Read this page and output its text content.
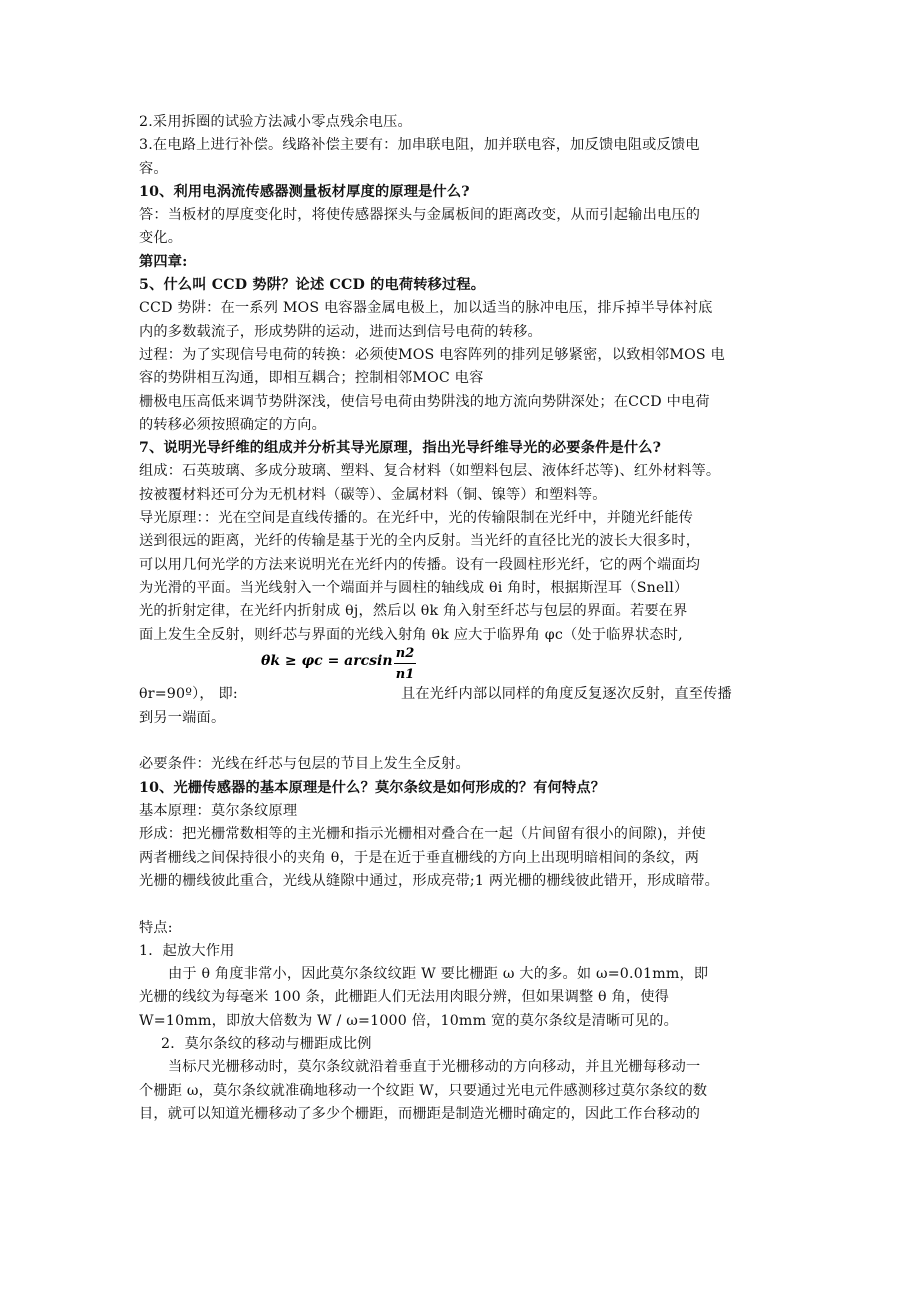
2.采用拆圈的试验方法减小零点残余电压。
3.在电路上进行补偿。线路补偿主要有：加串联电阻，加并联电容，加反馈电阻或反馈电
容。
10、利用电涡流传感器测量板材厚度的原理是什么?
答：当板材的厚度变化时，将使传感器探头与金属板间的距离改变，从而引起输出电压的
变化。
第四章:
5、什么叫 CCD 势阱？论述 CCD 的电荷转移过程。
CCD 势阱：在一系列 MOS 电容器金属电极上，加以适当的脉冲电压，排斥掉半导体衬底
内的多数载流子，形成势阱的运动，进而达到信号电荷的转移。
过程：为了实现信号电荷的转换：必须使MOS 电容阵列的排列足够紧密，以致相邻MOS 电
容的势阱相互沟通，即相互耦合；控制相邻MOC 电容
栅极电压高低来调节势阱深浅，使信号电荷由势阱浅的地方流向势阱深处；在CCD 中电荷
的转移必须按照确定的方向。
7、说明光导纤维的组成并分析其导光原理，指出光导纤维导光的必要条件是什么?
组成：石英玻璃、多成分玻璃、塑料、复合材料（如塑料包层、液体纤芯等)、红外材料等。
按被覆材料还可分为无机材料（碳等）、金属材料（铜、镍等）和塑料等。
导光原理：：光在空间是直线传播的。在光纤中，光的传输限制在光纤中，并随光纤能传
送到很远的距离，光纤的传输是基于光的全内反射。当光纤的直径比光的波长大很多时，
可以用几何光学的方法来说明光在光纤内的传播。设有一段圆柱形光纤，它的两个端面均
为光滑的平面。当光线射入一个端面并与圆柱的轴线成 θi 角时，根据斯涅耳（Snell）
光的折射定律，在光纤内折射成 θj，然后以 θk 角入射至纤芯与包层的界面。若要在界
面上发生全反射，则纤芯与界面的光线入射角 θk 应大于临界角 φc（处于临界状态时,
$\theta k \ge \varphi c = \arcsin \frac{n2}{n1}$
θr=90º）， 即:	且在光纤内部以同样的角度反复逐次反射，直至传播
到另一端面。
必要条件：光线在纤芯与包层的节目上发生全反射。
10、光栅传感器的基本原理是什么？莫尔条纹是如何形成的？有何特点？
基本原理：莫尔条纹原理
形成：把光栅常数相等的主光栅和指示光栅相对叠合在一起（片间留有很小的间隙)，并使
两者栅线之间保持很小的夹角 θ，于是在近于垂直栅线的方向上出现明暗相间的条纹，两
光栅的栅线彼此重合，光线从缝隙中通过，形成亮带;1 两光栅的栅线彼此错开，形成暗带。
特点:
1．起放大作用
由于 θ 角度非常小，因此莫尔条纹纹距 W 要比栅距 ω 大的多。如 ω=0.01mm，即
光栅的线纹为每毫米 100 条，此栅距人们无法用肉眼分辨，但如果调整 θ 角，使得
W=10mm，即放大倍数为 W / ω=1000 倍，10mm 宽的莫尔条纹是清晰可见的。
2．莫尔条纹的移动与栅距成比例
当标尺光栅移动时，莫尔条纹就沿着垂直于光栅移动的方向移动，并且光栅每移动一
个栅距 ω，莫尔条纹就准确地移动一个纹距 W，只要通过光电元件感测移过莫尔条纹的数
目，就可以知道光栅移动了多少个栅距，而栅距是制造光栅时确定的，因此工作台移动的
